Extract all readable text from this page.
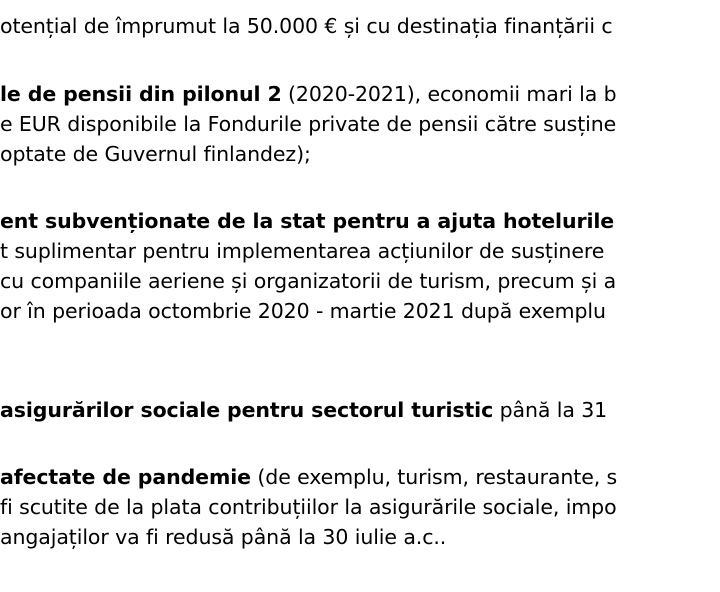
otențial de împrumut la 50.000 € și cu destinația finanțării c
le de pensii din pilonul 2 (2020-2021), economii mari la b
e EUR disponibile la Fondurile private de pensii către susține
optate de Guvernul finlandez);
ent subvenționate de la stat pentru a ajuta hotelurile
t suplimentar pentru implementarea acțiunilor de susținere
cu companiile aeriene și organizatorii de turism, precum și a
or în perioada octombrie 2020 - martie 2021 după exemplu
asigurărilor sociale pentru sectorul turistic până la 31
afectate de pandemie (de exemplu, turism, restaurante, s
fi scutite de la plata contribuțiilor la asigurările sociale, impo
angajaților va fi redusă până la 30 iulie a.c..
